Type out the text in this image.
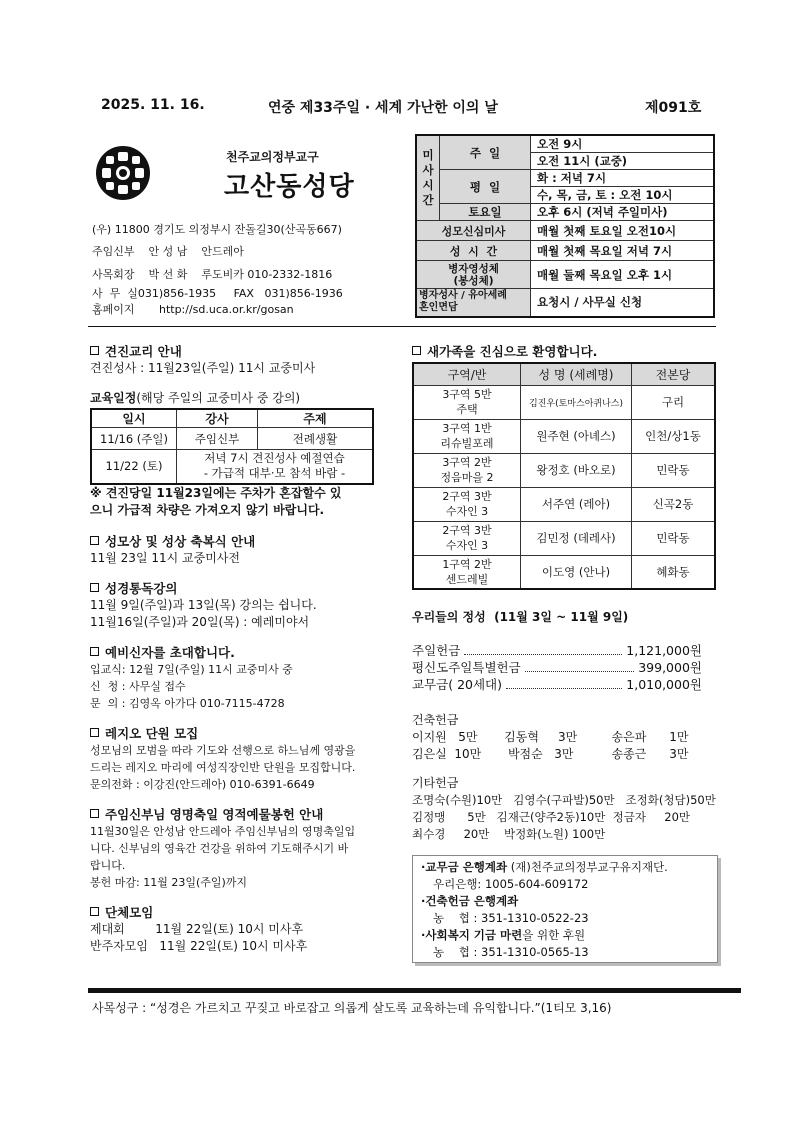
2025. 11. 16.	연중 제33주일 · 세계 가난한 이의 날	제091호
천주교의정부교구
고산동성당
(우) 11800 경기도 의정부시 잔돌길30(산곡동667)
주임신부    안 성 남    안드레아
사목회장    박 선 화    루도비카 010-2332-1816
사  무  실031)856-1935     FAX   031)856-1936
홈페이지       http://sd.uca.or.kr/gosan
미
사
시
간	주  일	오전 9시
		오전 11시 (교중)
	평  일	화 : 저녁 7시
		수, 목, 금, 토 : 오전 10시
	토요일	오후 6시 (저녁 주일미사)
성모신심미사		매월 첫째 토요일 오전10시
성  시  간		매월 첫째 목요일 저녁 7시
병자영성체
(봉성체)		매월 둘째 목요일 오후 1시
병자성사 / 유아세례
혼인면담		요청시 / 사무실 신청
견진교리 안내
견진성사 : 11월23일(주일) 11시 교중미사
교육일정(해당 주일의 교중미사 중 강의)
일시	강사	주제
11/16 (주일)	주임신부	전례생활
11/22 (토)	저녁 7시 견진성사 예절연습
- 가급적 대부·모 참석 바람 -	
※ 견진당일 11월23일에는 주차가 혼잡할수 있
으니 가급적 차량은 가져오지 않기 바랍니다.
성모상 및 성상 축복식 안내
11월 23일 11시 교중미사전
성경통독강의
11월 9일(주일)과 13일(목) 강의는 쉽니다.
11월16일(주일)과 20일(목) : 예레미야서
예비신자를 초대합니다.
입교식: 12월 7일(주일) 11시 교중미사 중
신  청 : 사무실 접수
문  의 : 김영옥 아가다 010-7115-4728
레지오 단원 모집
성모님의 모범을 따라 기도와 선행으로 하느님께 영광을
드리는 레지오 마리에 여성직장인반 단원을 모집합니다.
문의전화 : 이강진(안드레아) 010-6391-6649
주임신부님 영명축일 영적예물봉헌 안내
11월30일은 안성남 안드레아 주임신부님의 영명축일입
니다. 신부님의 영육간 건강을 위하여 기도해주시기 바
랍니다.
봉헌 마감: 11월 23일(주일)까지
단체모임
제대회        11월 22일(토) 10시 미사후
반주자모임   11월 22일(토) 10시 미사후
새가족을 진심으로 환영합니다.
구역/반	성 명 (세례명)	전본당
3구역 5반
주택	김진우(토마스아퀴나스)	구리
3구역 1반
리슈빌포레	원주현 (아녜스)	인천/상1동
3구역 2반
정음마을 2	왕정호 (바오로)	민락동
2구역 3반
수자인 3	서주연 (레아)	신곡2동
2구역 3반
수자인 3	김민정 (데레사)	민락동
1구역 2반
센드레빌	이도영 (안나)	혜화동
우리들의 정성  (11월 3일 ~ 11월 9일)
주일헌금	1,121,000원
평신도주일특별헌금	399,000원
교무금( 20세대)	1,010,000원
건축헌금
이지원   5만       김동혁     3만         송은파      1만
김은실  10만       박점순   3만          송종근      3만
기타헌금
조명숙(수원)10만   김영수(구파발)50만   조정화(청담)50만
김정맹      5만   김재근(양주2동)10만  정금자     20만
최수경     20만    박정화(노원) 100만
·교무금 은행계좌 (재)천주교의정부교구유지재단.
우리은행: 1005-604-609172
·건축헌금 은행계좌
농    협 : 351-1310-0522-23
·사회복지 기금 마련을 위한 후원
농    협 : 351-1310-0565-13
사목성구 : “성경은 가르치고 꾸짖고 바로잡고 의롭게 살도록 교육하는데 유익합니다.”(1티모 3,16)
